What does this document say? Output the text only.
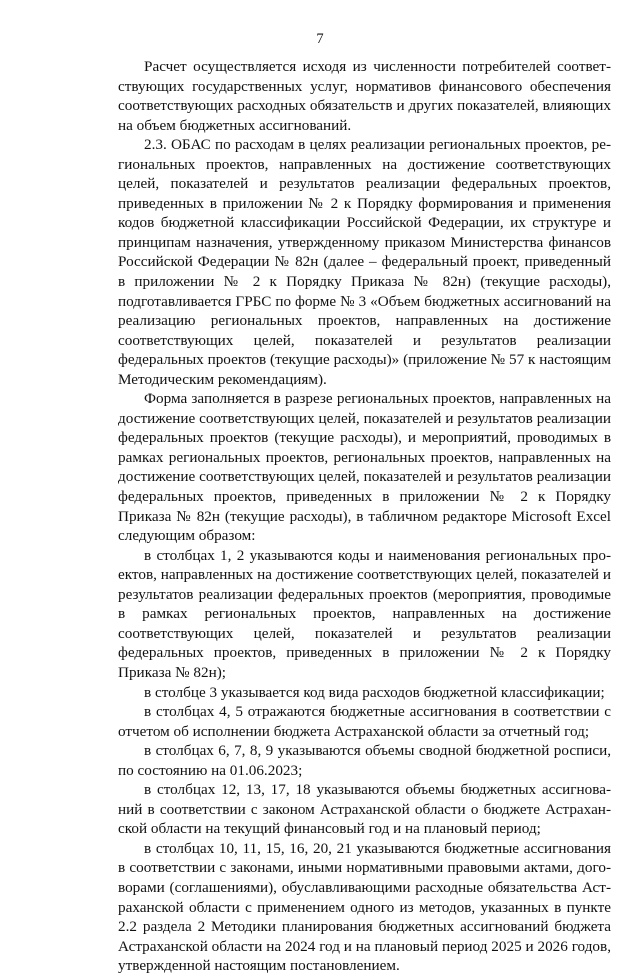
7

Расчет осуществляется исходя из численности потребителей соответствующих государственных услуг, нормативов финансового обеспечения соответствующих расходных обязательств и других показателей, влияющих на объем бюджетных ассигнований.

2.3. ОБАС по расходам в целях реализации региональных проектов, региональных проектов, направленных на достижение соответствующих целей, показателей и результатов реализации федеральных проектов, приведенных в приложении № 2 к Порядку формирования и применения кодов бюджетной классификации Российской Федерации, их структуре и принципам назначения, утвержденному приказом Министерства финансов Российской Федерации № 82н (далее – федеральный проект, приведенный в приложении № 2 к Порядку Приказа № 82н) (текущие расходы), подготавливается ГРБС по форме № 3 «Объем бюджетных ассигнований на реализацию региональных проектов, направленных на достижение соответствующих целей, показателей и результатов реализации федеральных проектов (текущие расходы)» (приложение № 57 к настоящим Методическим рекомендациям).

Форма заполняется в разрезе региональных проектов, направленных на достижение соответствующих целей, показателей и результатов реализации федеральных проектов (текущие расходы), и мероприятий, проводимых в рамках региональных проектов, региональных проектов, направленных на достижение соответствующих целей, показателей и результатов реализации федеральных проектов, приведенных в приложении № 2 к Порядку Приказа № 82н (текущие расходы), в табличном редакторе Microsoft Excel следующим образом:

в столбцах 1, 2 указываются коды и наименования региональных проектов, направленных на достижение соответствующих целей, показателей и результатов реализации федеральных проектов (мероприятия, проводимые в рамках региональных проектов, направленных на достижение соответствующих целей, показателей и результатов реализации федеральных проектов, приведенных в приложении № 2 к Порядку Приказа № 82н);

в столбце 3 указывается код вида расходов бюджетной классификации;

в столбцах 4, 5 отражаются бюджетные ассигнования в соответствии с отчетом об исполнении бюджета Астраханской области за отчетный год;

в столбцах 6, 7, 8, 9 указываются объемы сводной бюджетной росписи, по состоянию на 01.06.2023;

в столбцах 12, 13, 17, 18 указываются объемы бюджетных ассигнований в соответствии с законом Астраханской области о бюджете Астраханской области на текущий финансовый год и на плановый период;

в столбцах 10, 11, 15, 16, 20, 21 указываются бюджетные ассигнования в соответствии с законами, иными нормативными правовыми актами, договорами (соглашениями), обуславливающими расходные обязательства Астраханской области с применением одного из методов, указанных в пункте 2.2 раздела 2 Методики планирования бюджетных ассигнований бюджета Астраханской области на 2024 год и на плановый период 2025 и 2026 годов, утвержденной настоящим постановлением.
